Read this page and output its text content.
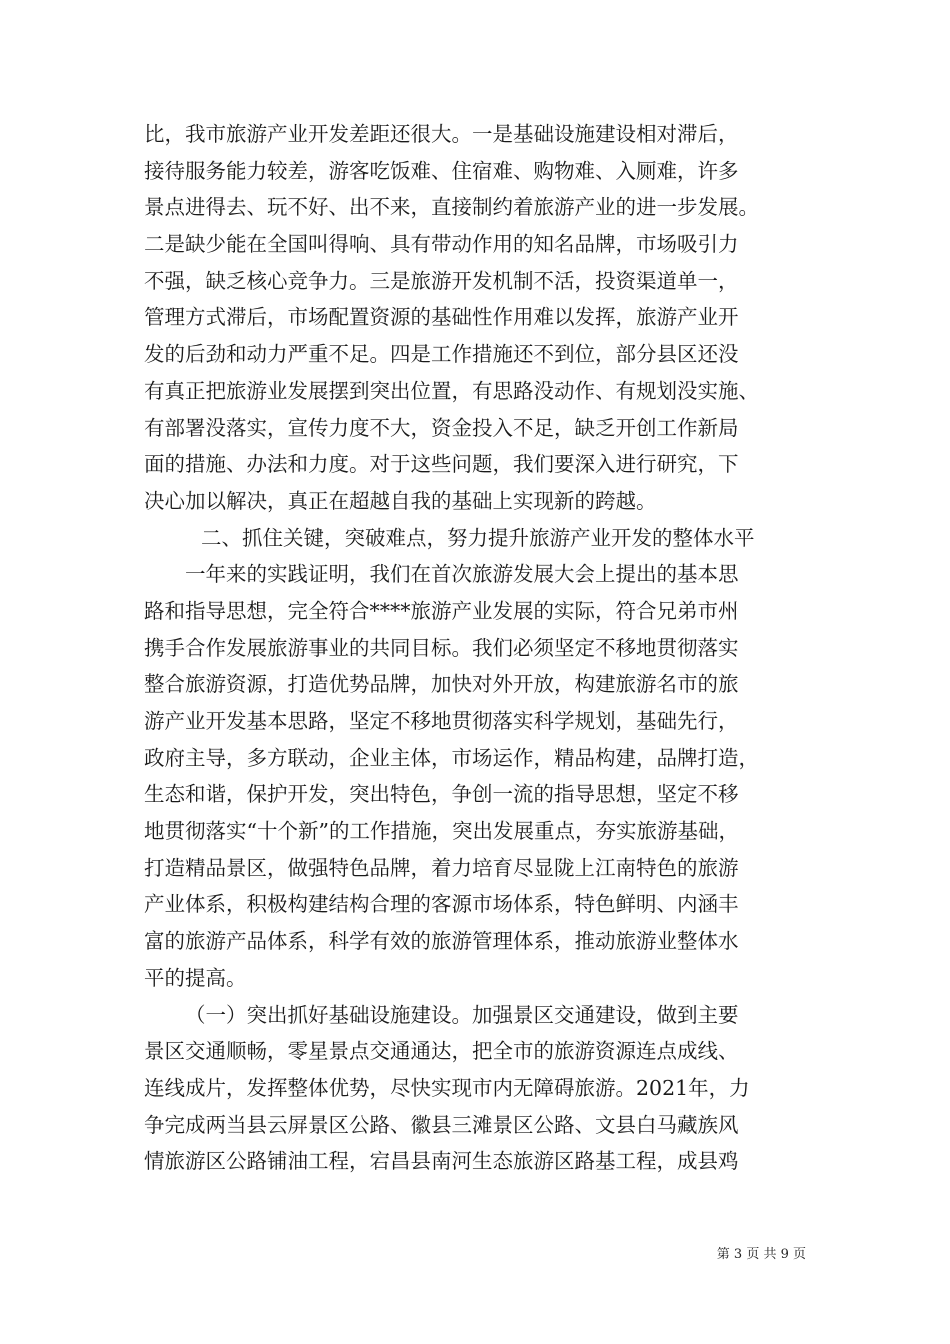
比，我市旅游产业开发差距还很大。一是基础设施建设相对滞后，
接待服务能力较差，游客吃饭难、住宿难、购物难、入厕难，许多
景点进得去、玩不好、出不来，直接制约着旅游产业的进一步发展。
二是缺少能在全国叫得响、具有带动作用的知名品牌，市场吸引力
不强，缺乏核心竞争力。三是旅游开发机制不活，投资渠道单一，
管理方式滞后，市场配置资源的基础性作用难以发挥，旅游产业开
发的后劲和动力严重不足。四是工作措施还不到位，部分县区还没
有真正把旅游业发展摆到突出位置，有思路没动作、有规划没实施、
有部署没落实，宣传力度不大，资金投入不足，缺乏开创工作新局
面的措施、办法和力度。对于这些问题，我们要深入进行研究，下
决心加以解决，真正在超越自我的基础上实现新的跨越。
二、抓住关键，突破难点，努力提升旅游产业开发的整体水平
一年来的实践证明，我们在首次旅游发展大会上提出的基本思
路和指导思想，完全符合****旅游产业发展的实际，符合兄弟市州
携手合作发展旅游事业的共同目标。我们必须坚定不移地贯彻落实
整合旅游资源，打造优势品牌，加快对外开放，构建旅游名市的旅
游产业开发基本思路，坚定不移地贯彻落实科学规划，基础先行，
政府主导，多方联动，企业主体，市场运作，精品构建，品牌打造，
生态和谐，保护开发，突出特色，争创一流的指导思想，坚定不移
地贯彻落实“十个新”的工作措施，突出发展重点，夯实旅游基础，
打造精品景区，做强特色品牌，着力培育尽显陇上江南特色的旅游
产业体系，积极构建结构合理的客源市场体系，特色鲜明、内涵丰
富的旅游产品体系，科学有效的旅游管理体系，推动旅游业整体水
平的提高。
（一）突出抓好基础设施建设。加强景区交通建设，做到主要
景区交通顺畅，零星景点交通通达，把全市的旅游资源连点成线、
连线成片，发挥整体优势，尽快实现市内无障碍旅游。2021年，力
争完成两当县云屏景区公路、徽县三滩景区公路、文县白马藏族风
情旅游区公路铺油工程，宕昌县南河生态旅游区路基工程，成县鸡
第 3 页 共 9 页
